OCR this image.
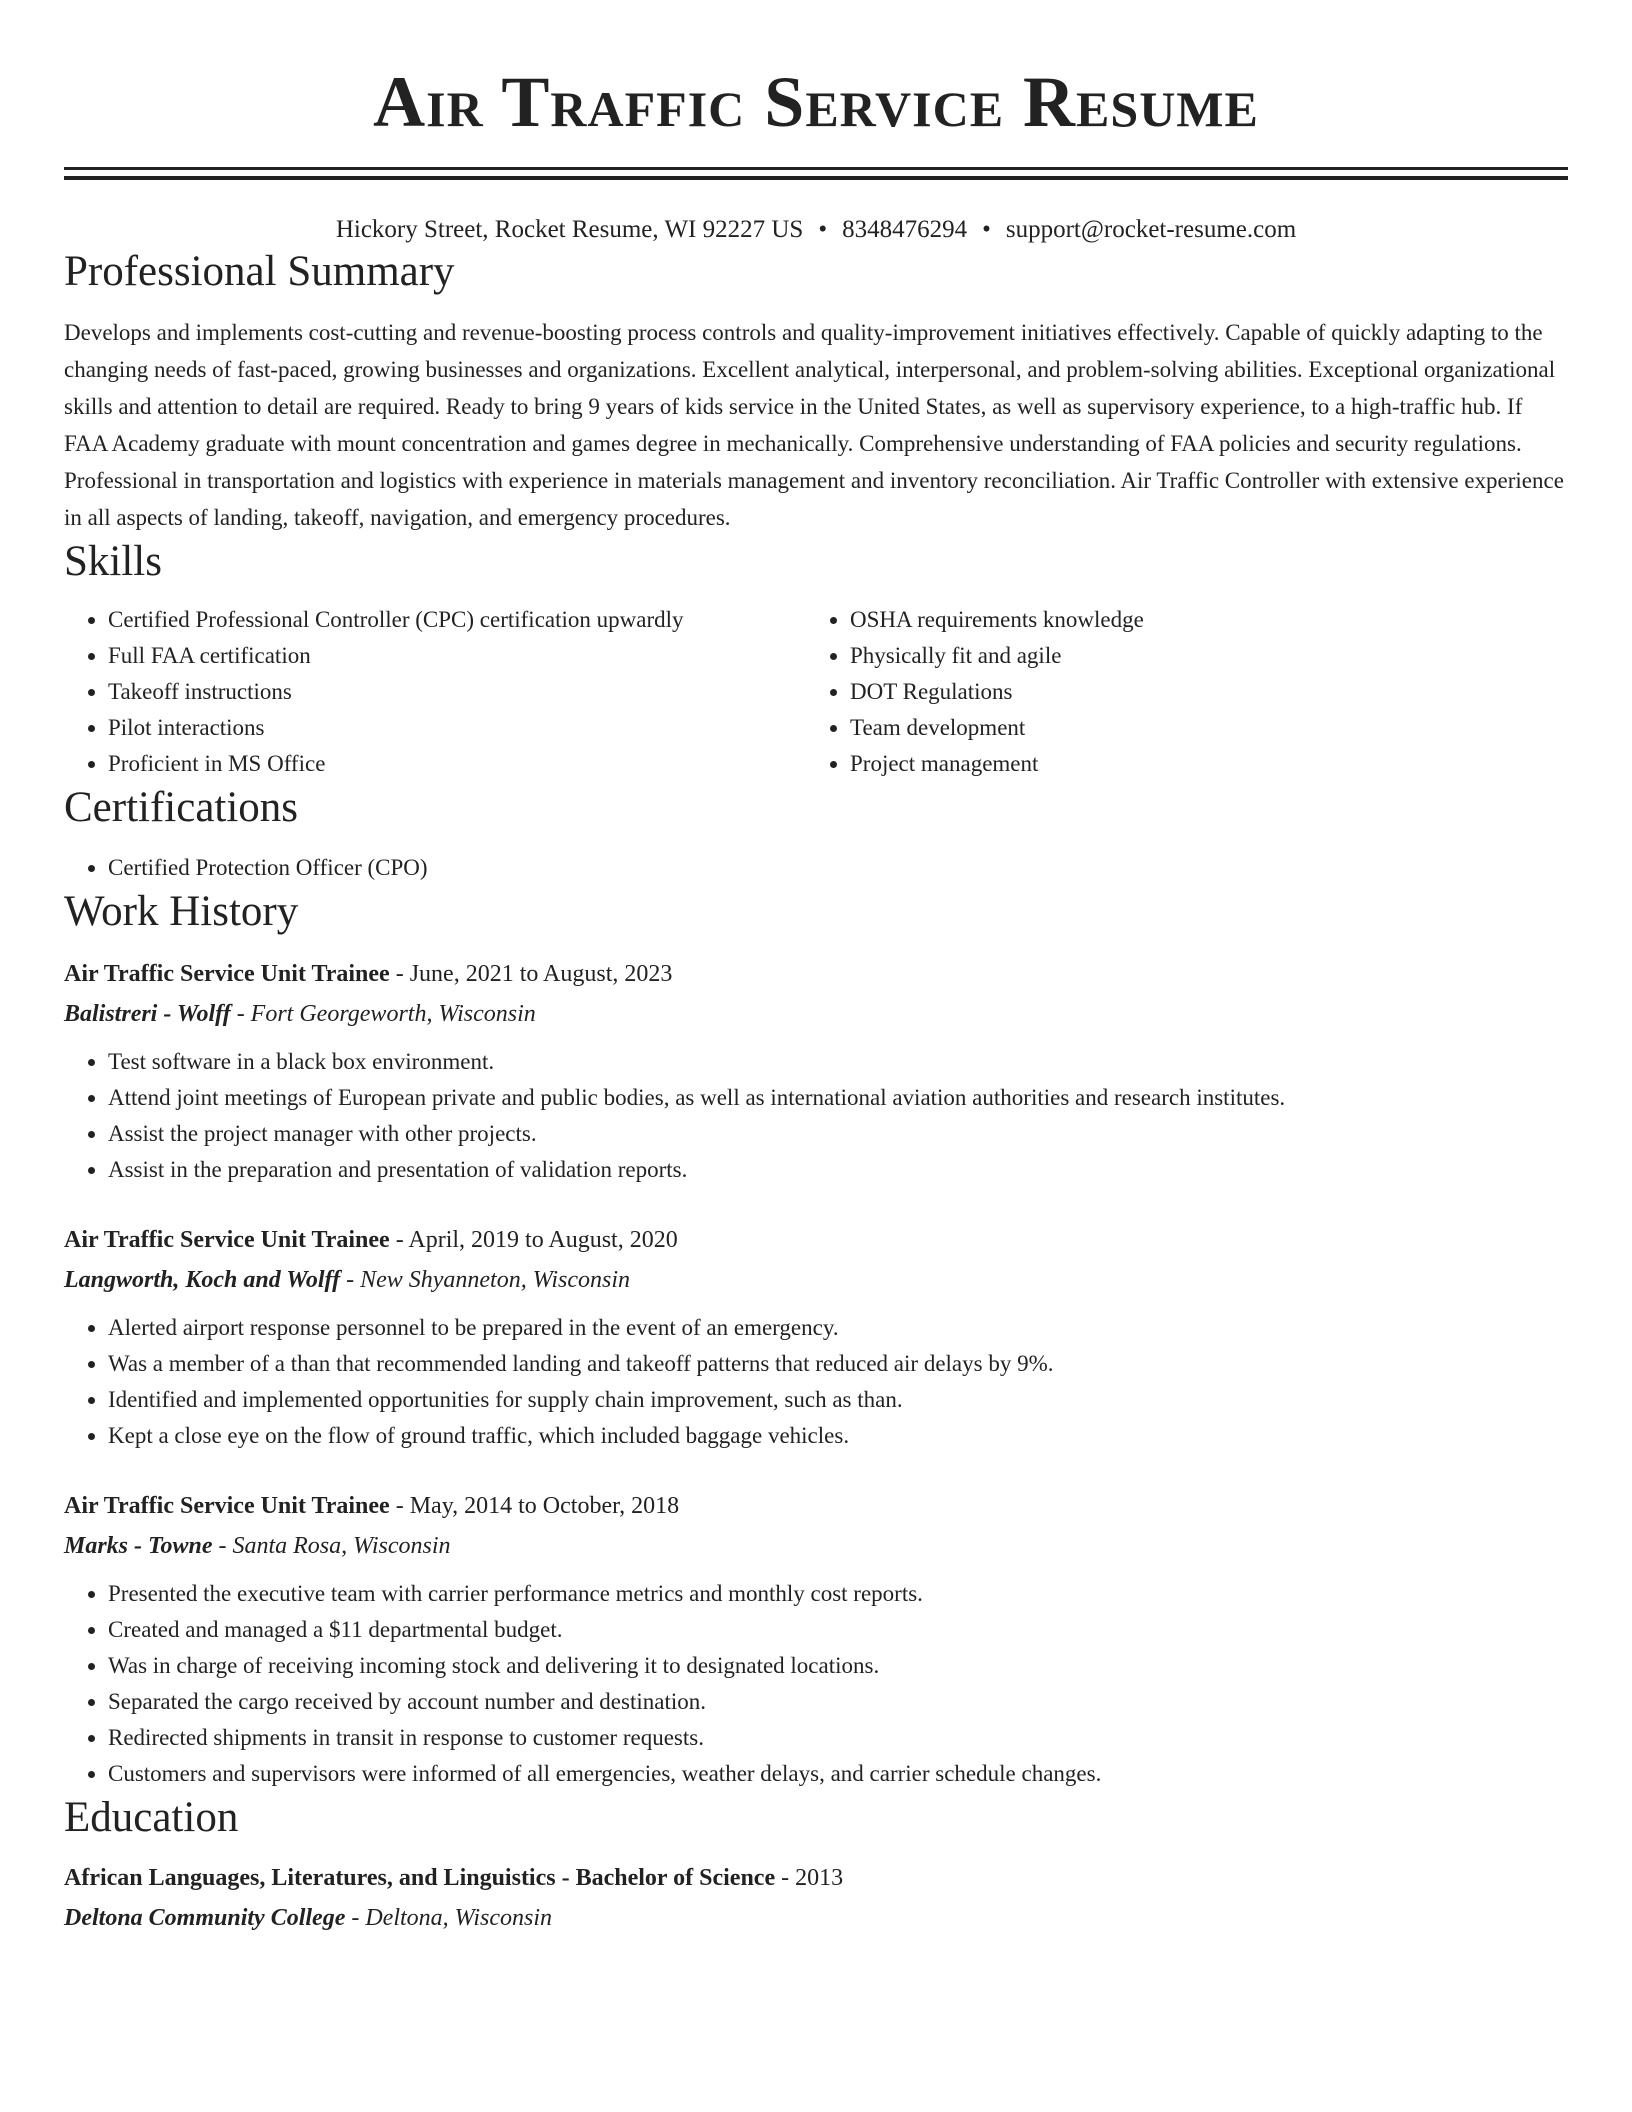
Air Traffic Service Resume
Hickory Street, Rocket Resume, WI 92227 US • 8348476294 • support@rocket-resume.com
Professional Summary
Develops and implements cost-cutting and revenue-boosting process controls and quality-improvement initiatives effectively. Capable of quickly adapting to the changing needs of fast-paced, growing businesses and organizations. Excellent analytical, interpersonal, and problem-solving abilities. Exceptional organizational skills and attention to detail are required. Ready to bring 9 years of kids service in the United States, as well as supervisory experience, to a high-traffic hub. If FAA Academy graduate with mount concentration and games degree in mechanically. Comprehensive understanding of FAA policies and security regulations. Professional in transportation and logistics with experience in materials management and inventory reconciliation. Air Traffic Controller with extensive experience in all aspects of landing, takeoff, navigation, and emergency procedures.
Skills
• Certified Professional Controller (CPC) certification upwardly
• Full FAA certification
• Takeoff instructions
• Pilot interactions
• Proficient in MS Office
• OSHA requirements knowledge
• Physically fit and agile
• DOT Regulations
• Team development
• Project management
Certifications
• Certified Protection Officer (CPO)
Work History
Air Traffic Service Unit Trainee - June, 2021 to August, 2023
Balistreri - Wolff - Fort Georgeworth, Wisconsin
• Test software in a black box environment.
• Attend joint meetings of European private and public bodies, as well as international aviation authorities and research institutes.
• Assist the project manager with other projects.
• Assist in the preparation and presentation of validation reports.
Air Traffic Service Unit Trainee - April, 2019 to August, 2020
Langworth, Koch and Wolff - New Shyanneton, Wisconsin
• Alerted airport response personnel to be prepared in the event of an emergency.
• Was a member of a than that recommended landing and takeoff patterns that reduced air delays by 9%.
• Identified and implemented opportunities for supply chain improvement, such as than.
• Kept a close eye on the flow of ground traffic, which included baggage vehicles.
Air Traffic Service Unit Trainee - May, 2014 to October, 2018
Marks - Towne - Santa Rosa, Wisconsin
• Presented the executive team with carrier performance metrics and monthly cost reports.
• Created and managed a $11 departmental budget.
• Was in charge of receiving incoming stock and delivering it to designated locations.
• Separated the cargo received by account number and destination.
• Redirected shipments in transit in response to customer requests.
• Customers and supervisors were informed of all emergencies, weather delays, and carrier schedule changes.
Education
African Languages, Literatures, and Linguistics - Bachelor of Science - 2013
Deltona Community College - Deltona, Wisconsin
